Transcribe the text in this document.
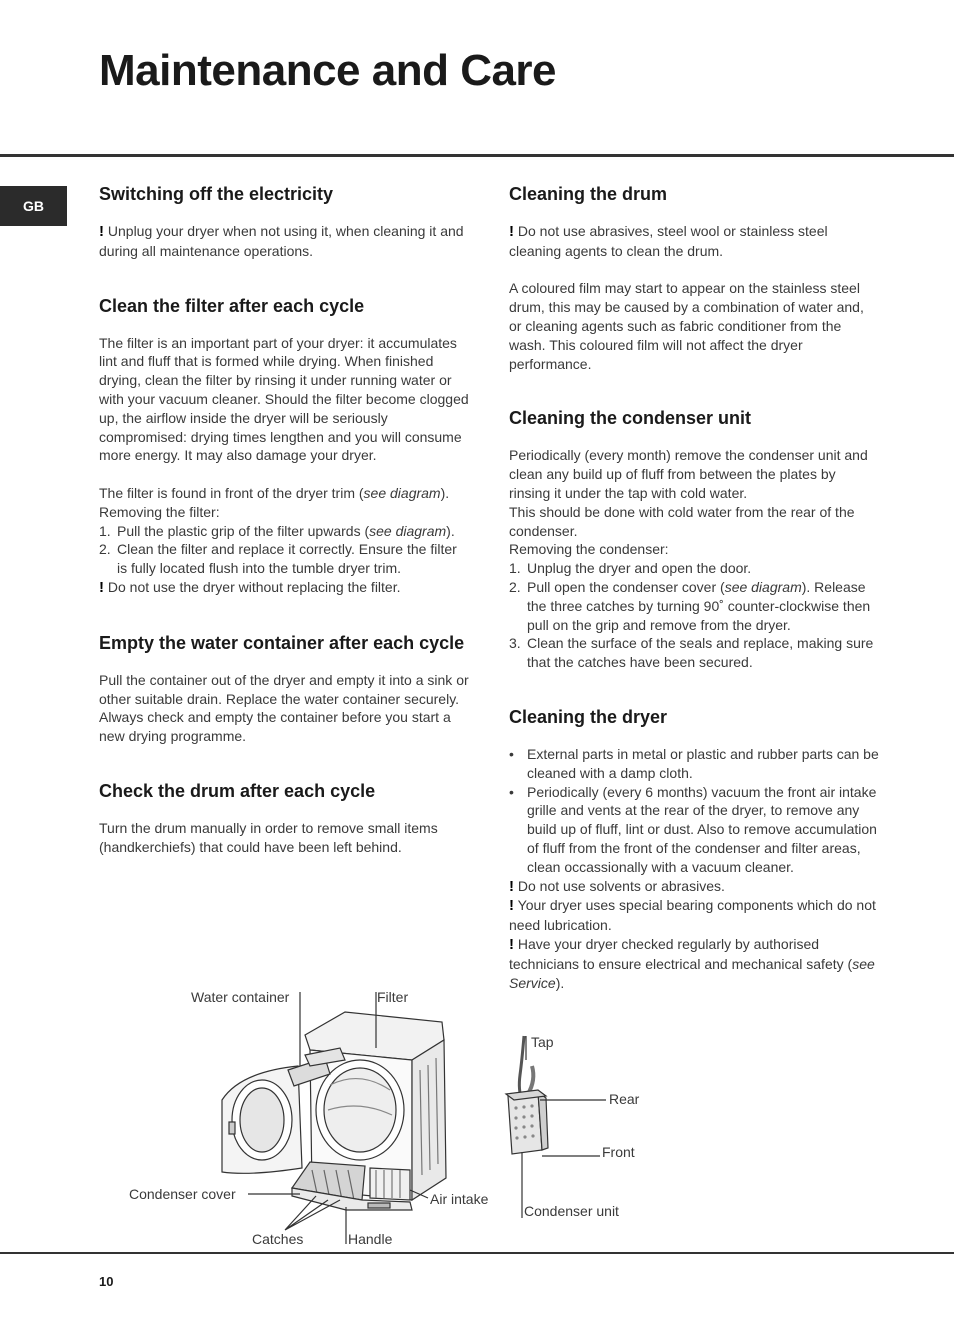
Maintenance and Care
GB
Switching off the electricity

! Unplug your dryer when not using it, when cleaning it and during all maintenance operations.

Clean the filter after each cycle

The filter is an important part of your dryer: it accumulates lint and fluff that is formed while drying. When finished drying, clean the filter by rinsing it under running water or with your vacuum cleaner. Should the filter become clogged up, the airflow inside the dryer will be seriously compromised: drying times lengthen and you will consume more energy. It may also damage your dryer.

The filter is found in front of the dryer trim (see diagram).

Removing the filter:

1. Pull the plastic grip of the filter upwards (see diagram).
2. Clean the filter and replace it correctly. Ensure the filter is fully located flush into the tumble dryer trim.

! Do not use the dryer without replacing the filter.

Empty the water container after each cycle

Pull the container out of the dryer and empty it into a sink or other suitable drain. Replace the water container securely. Always check and empty the container before you start a new drying programme.

Check the drum after each cycle

Turn the drum manually in order to remove small items (handkerchiefs) that could have been left behind.

Cleaning the drum

! Do not use abrasives, steel wool or stainless steel cleaning agents to clean the drum.

A coloured film may start to appear on the stainless steel drum, this may be caused by a combination of water and, or cleaning agents such as fabric conditioner from the wash. This coloured film will not affect the dryer performance.

Cleaning the condenser unit

Periodically (every month) remove the condenser unit and clean any build up of fluff from between the plates by rinsing it under the tap with cold water.

This should be done with cold water from the rear of the condenser.

Removing the condenser:

1. Unplug the dryer and open the door.
2. Pull open the condenser cover (see diagram). Release the three catches by turning 90˚ counter-clockwise then pull on the grip and remove from the dryer.
3. Clean the surface of the seals and replace, making sure that the catches have been secured.
Cleaning the dryer
• External parts in metal or plastic and rubber parts can be cleaned with a damp cloth.
• Periodically (every 6 months) vacuum the front air intake grille and vents at the rear of the dryer, to remove any build up of fluff, lint or dust. Also to remove accumulation of fluff from the front of the condenser and filter areas, clean occassionally with a vacuum cleaner.

! Do not use solvents or abrasives.

! Your dryer uses special bearing components which do not need lubrication.

! Have your dryer checked regularly by authorised technicians to ensure electrical and mechanical safety (see Service).

Water container	Filter
Condenser cover	Air intake
Catches	Handle
Tap
Rear
Front
Condenser unit
10
